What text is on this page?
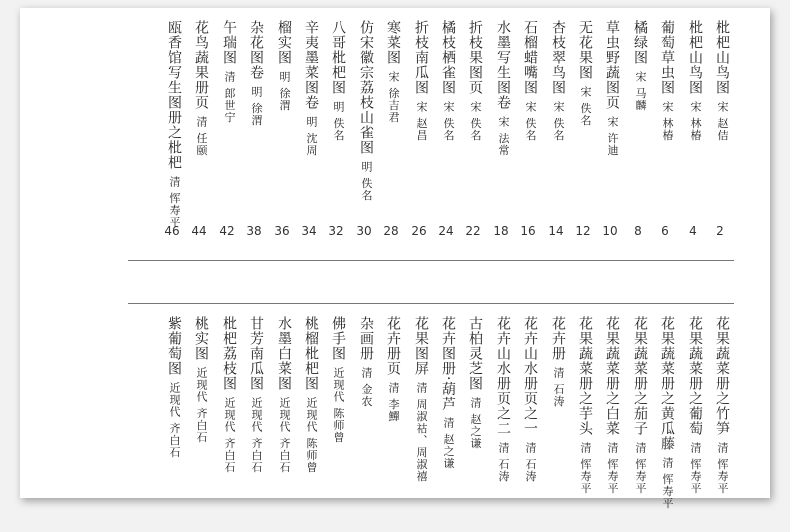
枇杷山鸟图宋 赵佶
2
枇杷山鸟图宋 林椿
4
葡萄草虫图宋 林椿
6
橘绿图宋 马麟
8
草虫野蔬图页宋 许迪
10
无花果图宋 佚名
12
杏枝翠鸟图宋 佚名
14
石榴蜡嘴图宋 佚名
16
水墨写生图卷宋 法常
18
折枝果图页宋 佚名
22
橘枝栖雀图宋 佚名
24
折枝南瓜图宋 赵昌
26
寒菜图宋 徐吉君
28
仿宋徽宗荔枝山雀图明 佚名
30
八哥枇杷图明 佚名
32
辛夷墨菜图卷明 沈周
34
榴实图明 徐渭
36
杂花图卷明 徐渭
38
午瑞图清 郎世宁
42
花鸟蔬果册页清 任颐
44
瓯香馆写生图册之枇杷清 恽寿平
46
花果蔬菜册之竹笋清 恽寿平
花果蔬菜册之葡萄清 恽寿平
花果蔬菜册之黄瓜藤清 恽寿平
花果蔬菜册之茄子清 恽寿平
花果蔬菜册之白菜清 恽寿平
花果蔬菜册之芋头清 恽寿平
花卉册清 石涛
花卉山水册页之一清 石涛
花卉山水册页之二清 石涛
古柏灵芝图清 赵之谦
花卉图册·葫芦清 赵之谦
花果图屏清 周淑祜、周淑禧
花卉册页清 李鱓
杂画册清 金农
佛手图近现代 陈师曾
桃榴枇杷图近现代 陈师曾
水墨白菜图近现代 齐白石
甘芳南瓜图近现代 齐白石
枇杷荔枝图近现代 齐白石
桃实图近现代 齐白石
紫葡萄图近现代 齐白石
